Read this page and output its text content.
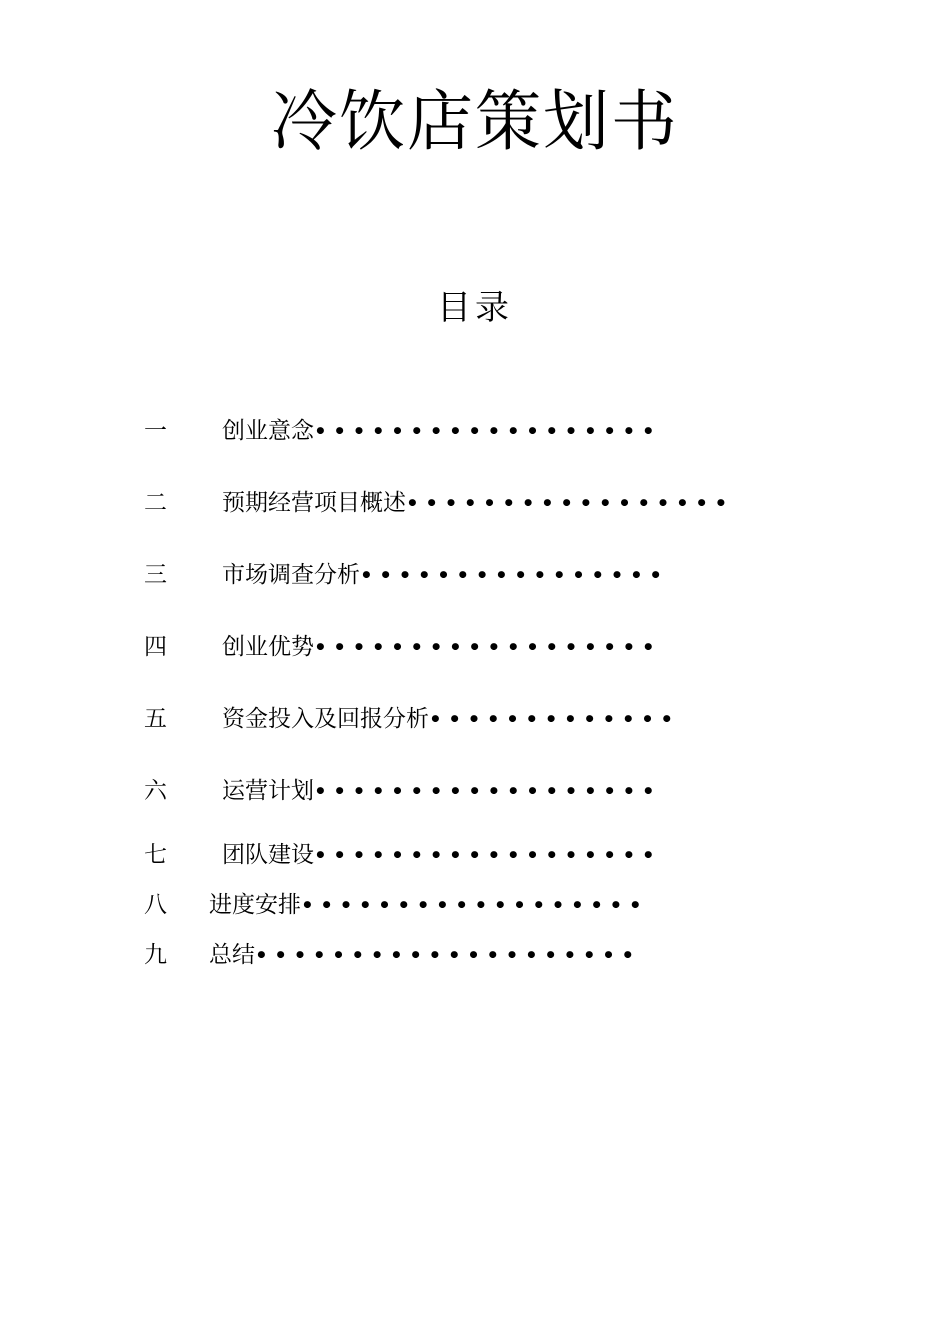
冷饮店策划书
目录
一 创业意念••••••••••••••••••
二 预期经营项目概述•••••••••••••••••
三 市场调查分析••••••••••••••••
四 创业优势••••••••••••••••••
五 资金投入及回报分析•••••••••••••
六 运营计划••••••••••••••••••
七 团队建设••••••••••••••••••
八 进度安排••••••••••••••••••
九 总结••••••••••••••••••••
